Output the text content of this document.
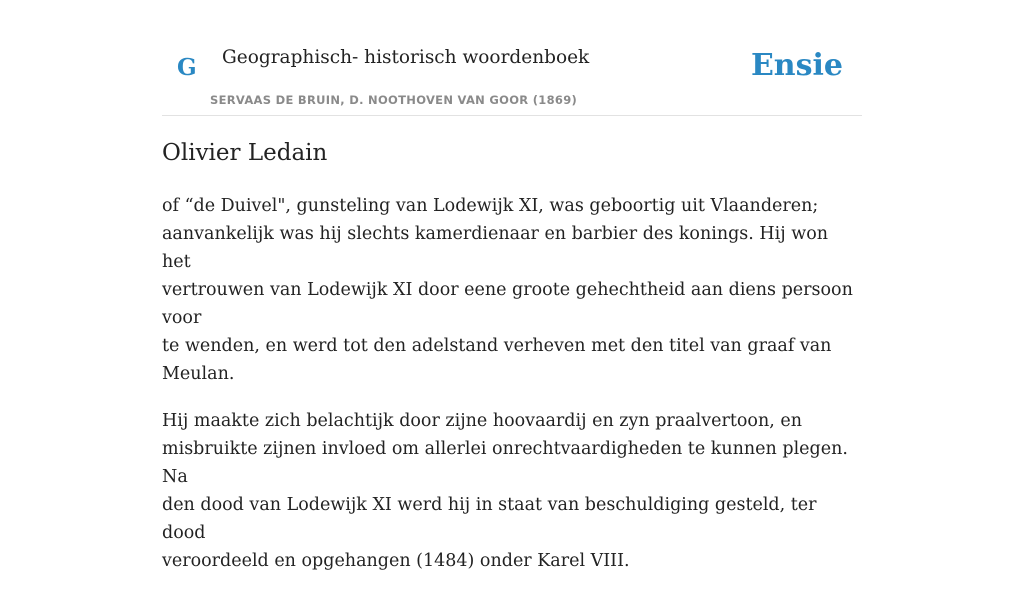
G Geographisch- historisch woordenboek
SERVAAS DE BRUIN, D. NOOTHOVEN VAN GOOR (1869)
Ensie
Olivier Ledain

of “de Duivel", gunsteling van Lodewijk XI, was geboortig uit Vlaanderen;
aanvankelijk was hij slechts kamerdienaar en barbier des konings. Hij won het
vertrouwen van Lodewijk XI door eene groote gehechtheid aan diens persoon voor
te wenden, en werd tot den adelstand verheven met den titel van graaf van
Meulan.

Hij maakte zich belachtijk door zijne hoovaardij en zyn praalvertoon, en
misbruikte zijnen invloed om allerlei onrechtvaardigheden te kunnen plegen. Na
den dood van Lodewijk XI werd hij in staat van beschuldiging gesteld, ter dood
veroordeeld en opgehangen (1484) onder Karel VIII.
